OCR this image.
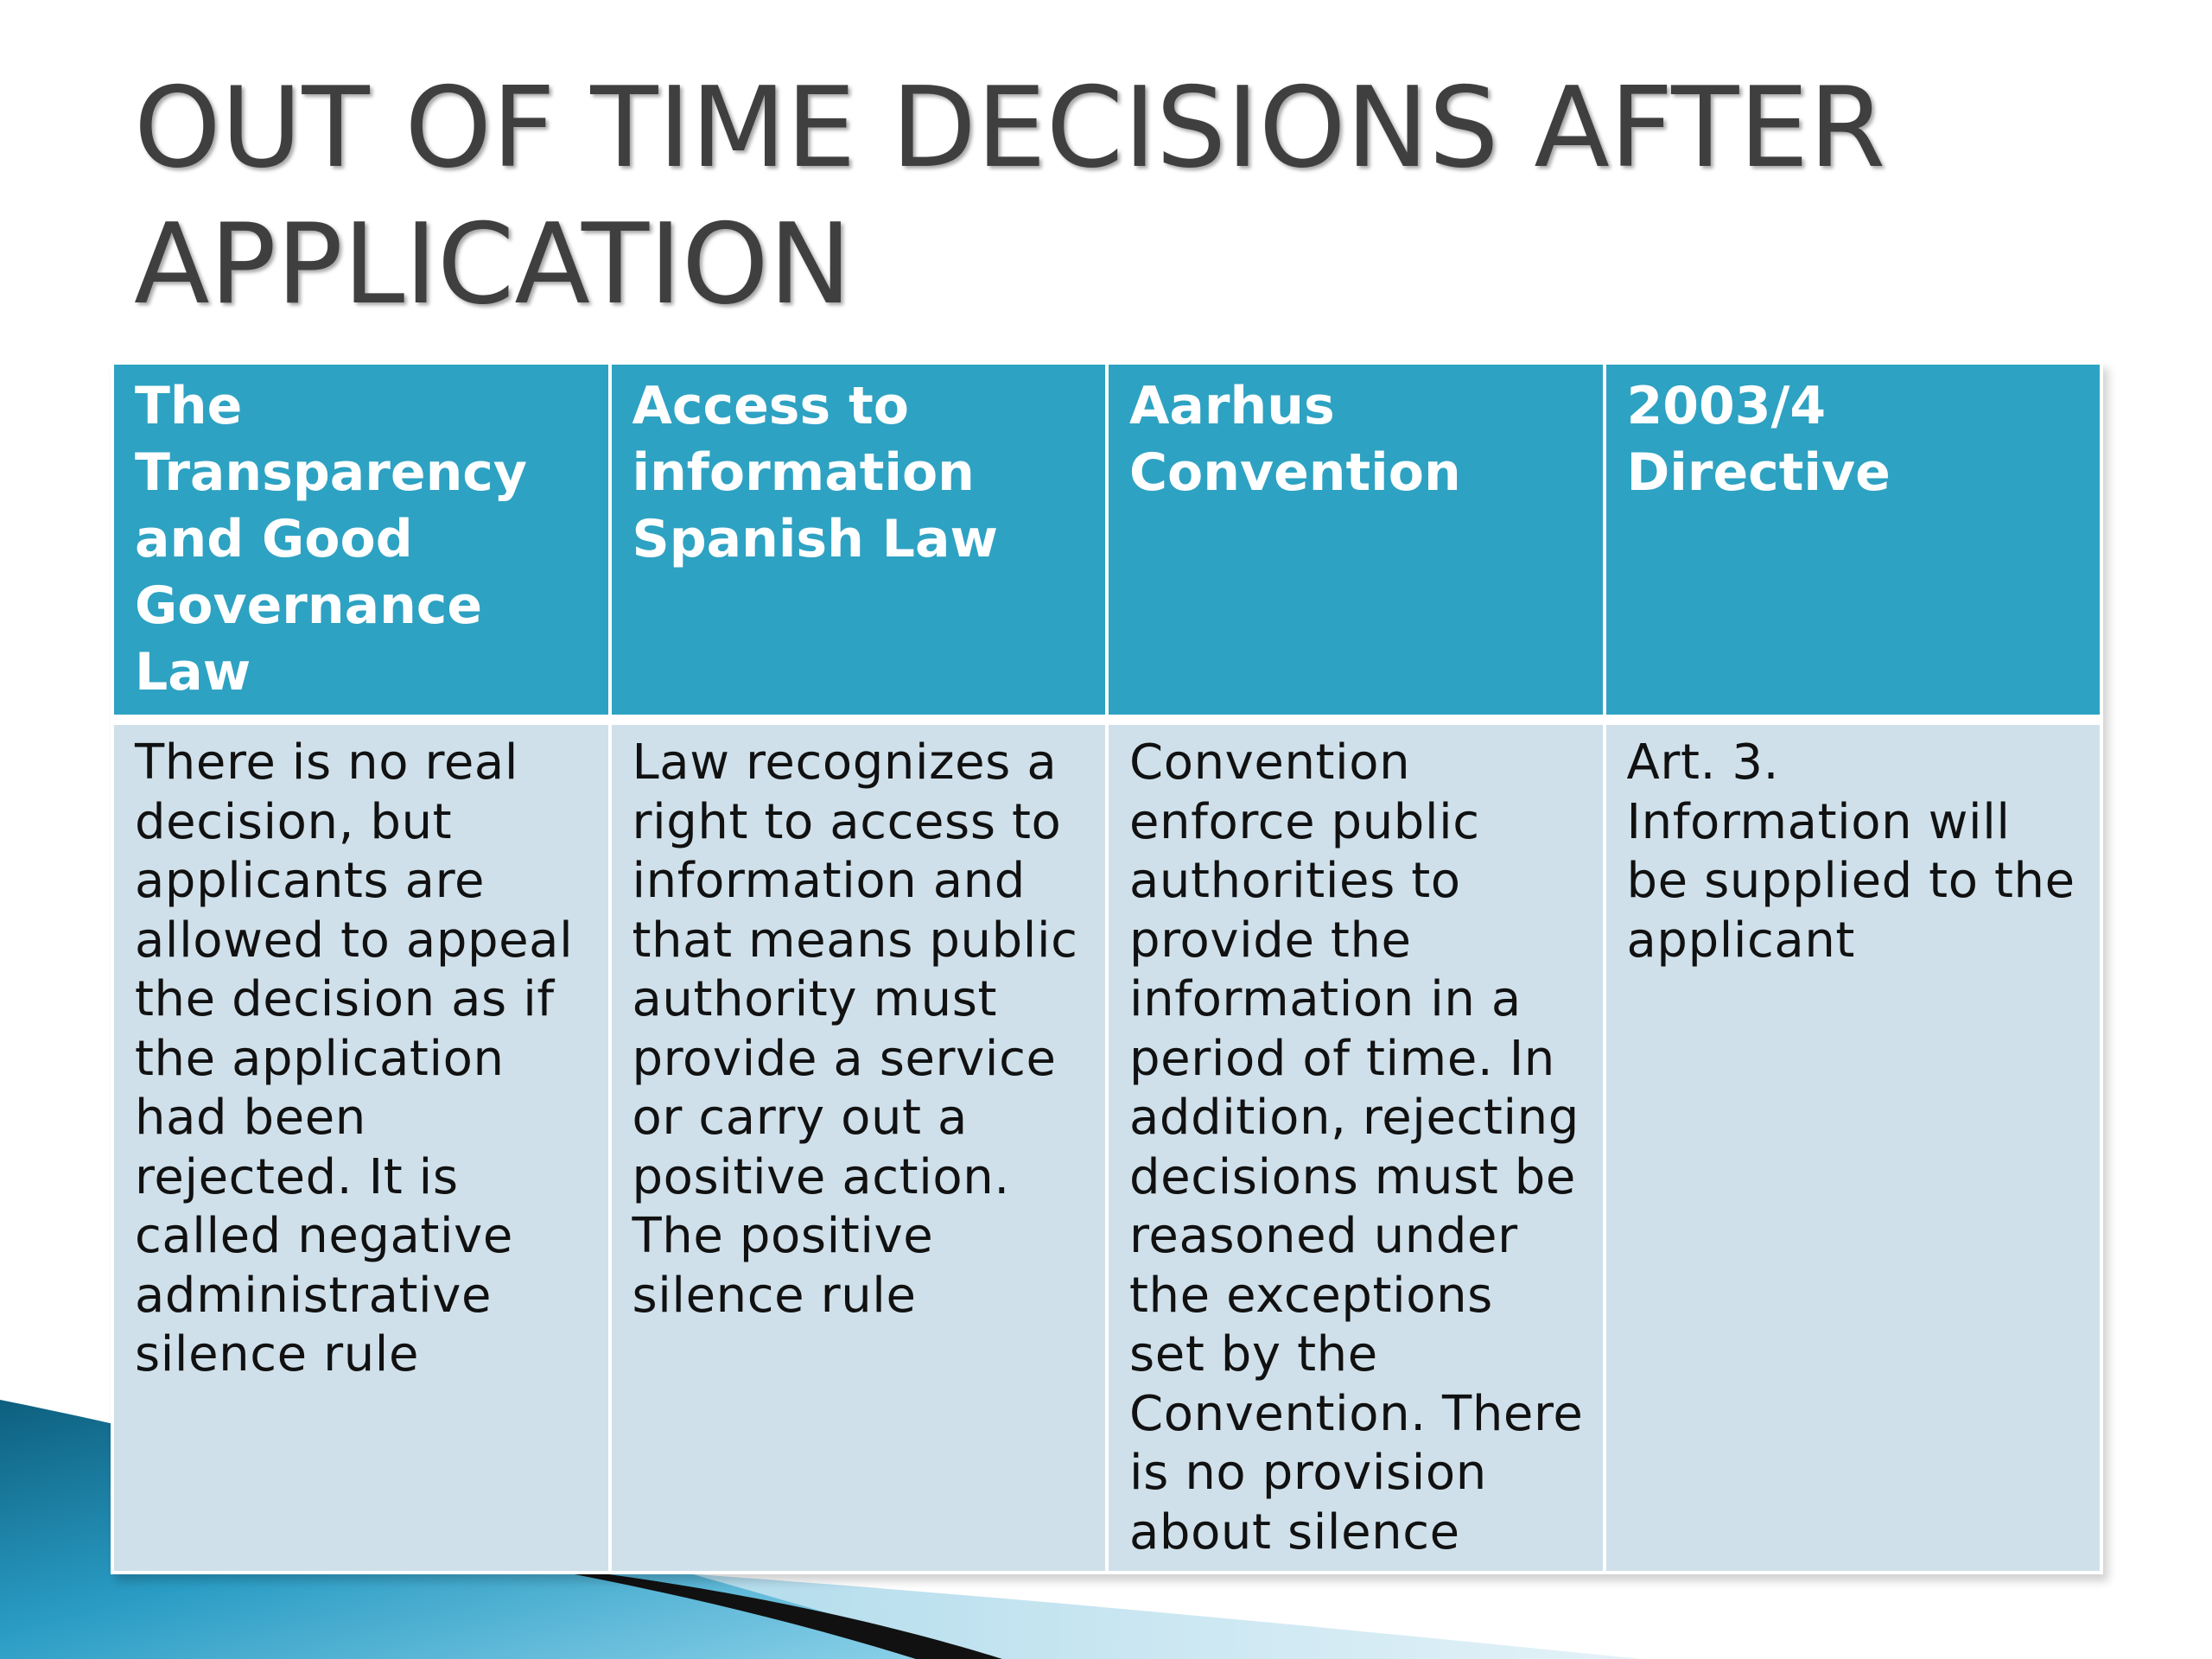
OUT OF TIME DECISIONS AFTER APPLICATION
The Transparency and Good Governance Law	Access to information Spanish Law	Aarhus Convention	2003/4 Directive

There is no real decision, but applicants are allowed to appeal the decision as if the application had been rejected. It is called negative administrative silence rule	Law recognizes a right to access to information and that means public authority must provide a service or carry out a positive action. The positive silence rule	Convention enforce public authorities to provide the information in a period of time. In addition, rejecting decisions must be reasoned under the exceptions set by the Convention. There is no provision about silence	Art. 3. Information will be supplied to the applicant
